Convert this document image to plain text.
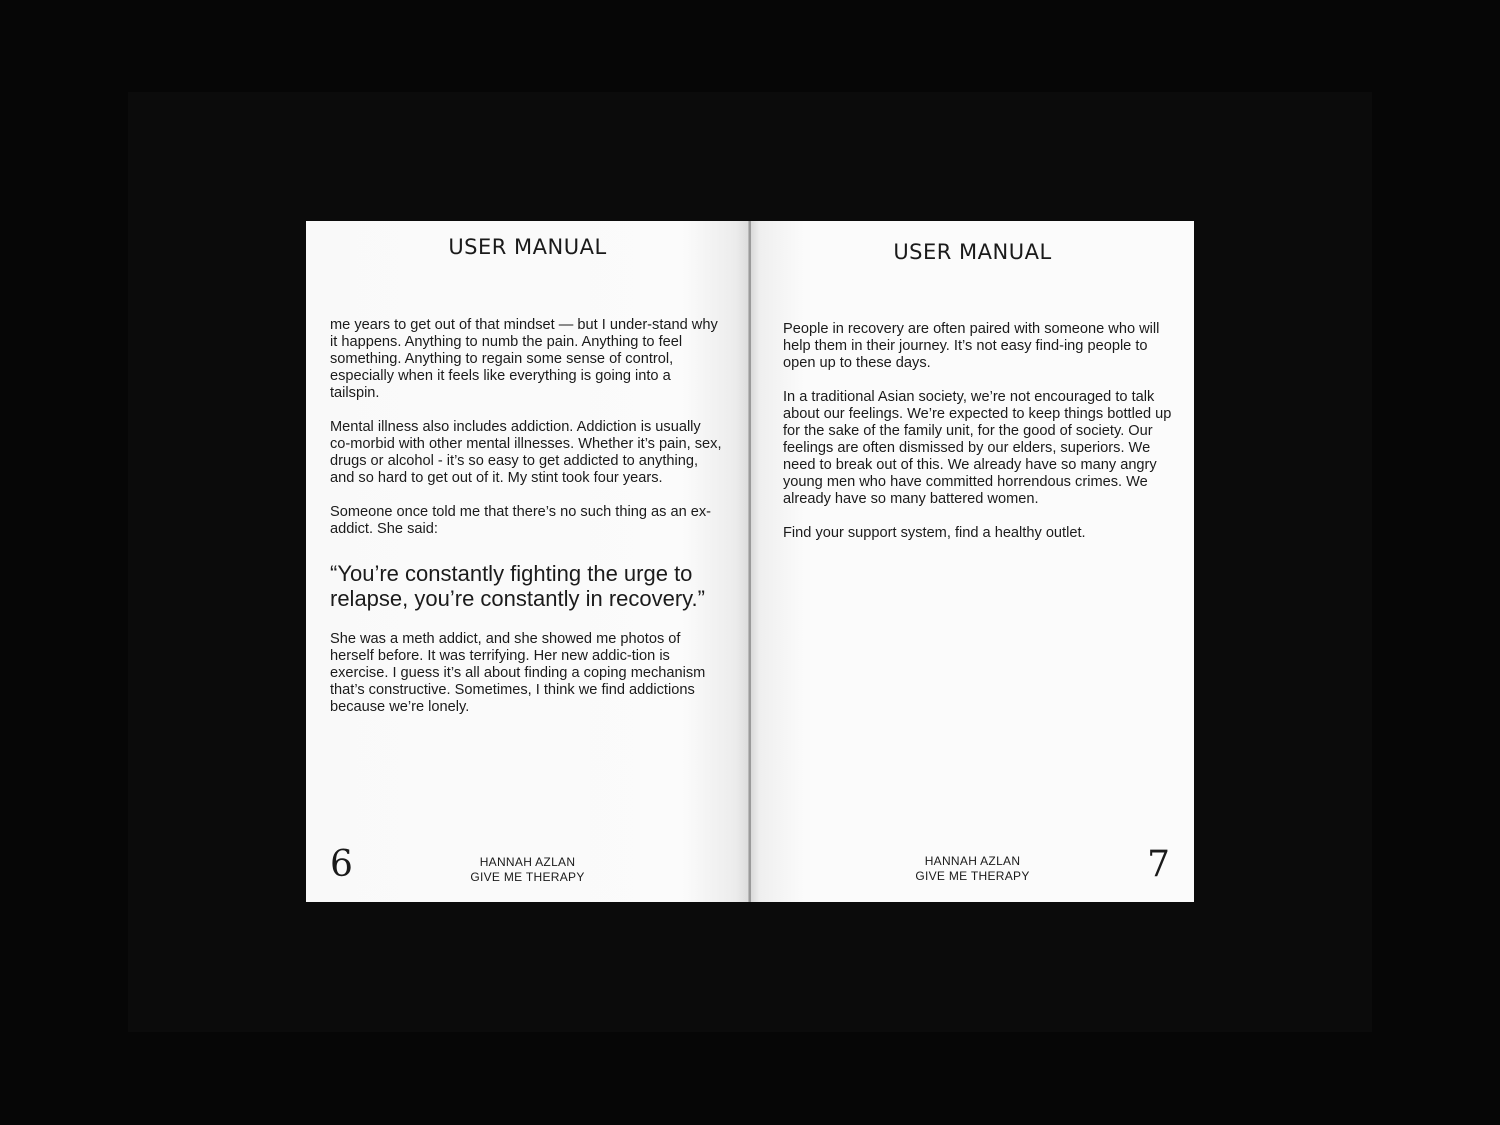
USER MANUAL

me years to get out of that mindset — but I under-stand why it happens. Anything to numb the pain. Anything to feel something. Anything to regain some sense of control, especially when it feels like everything is going into a tailspin.

Mental illness also includes addiction. Addiction is usually co-morbid with other mental illnesses. Whether it’s pain, sex, drugs or alcohol - it’s so easy to get addicted to anything, and so hard to get out of it. My stint took four years.

Someone once told me that there’s no such thing as an ex-addict. She said:

“You’re constantly fighting the urge to relapse, you’re constantly in recovery.”

She was a meth addict, and she showed me photos of herself before. It was terrifying. Her new addic-tion is exercise. I guess it’s all about finding a coping mechanism that’s constructive. Sometimes, I think we find addictions because we’re lonely.

6	HANNAH AZLAN
GIVE ME THERAPY
USER MANUAL

People in recovery are often paired with someone who will help them in their journey. It’s not easy find-ing people to open up to these days.

In a traditional Asian society, we’re not encouraged to talk about our feelings. We’re expected to keep things bottled up for the sake of the family unit, for the good of society. Our feelings are often dismissed by our elders, superiors. We need to break out of this. We already have so many angry young men who have committed horrendous crimes. We already have so many battered women.

Find your support system, find a healthy outlet.

7
HANNAH AZLAN
GIVE ME THERAPY
